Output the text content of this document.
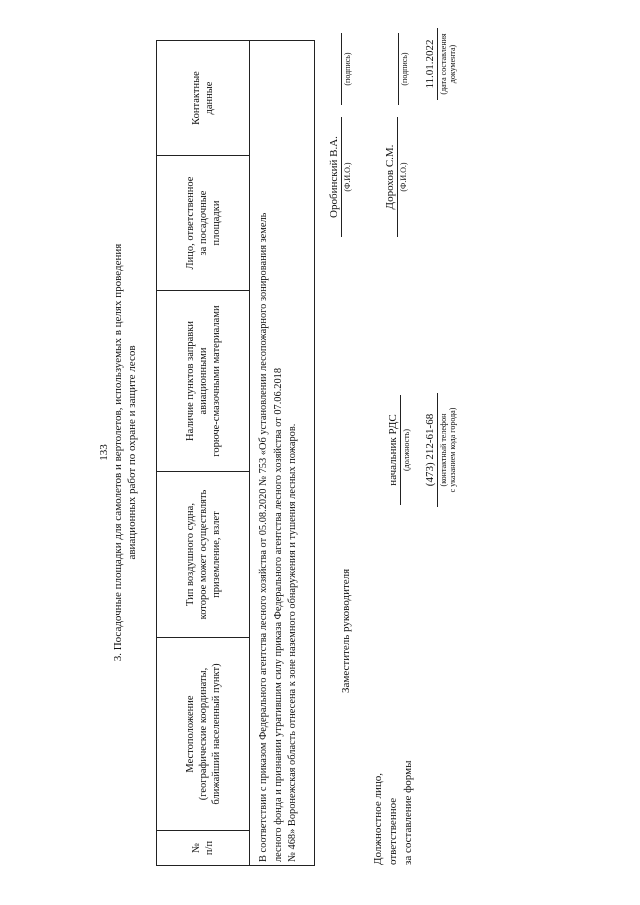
133 3. Посадочные площадки для самолетов и вертолетов, используемых в целях проведения авиационных работ по охране и защите лесов
№ п/п
Местоположение (географические координаты, ближайший населенный пункт)
Тип воздушного судна, которое может осуществлять приземление, взлет
Наличие пунктов заправки авиационными горюче-смазочными материалами
Лицо, ответственное за посадочные площадки
Контактные данные
В соответствии с приказом Федерального агентства лесного хозяйства от 05.08.2020 № 753 «Об установлении лесопожарного зонирования земель лесного фонда и признании утратившим силу приказа Федерального агентства лесного хозяйства от 07.06.2018 № 468» Воронежская область отнесена к зоне наземного обнаружения и тушения лесных пожаров.	Заместитель руководителя
Оробинский В.А. (Ф.И.О.)
(подпись)
Должностное лицо, ответственное за составление формы
начальник РДС (должность)
Дорохов С.М. (Ф.И.О.)
(подпись)
(473) 212-61-68 (контактный телефон с указанием кода города)
11.01.2022 (дата составления документа)
